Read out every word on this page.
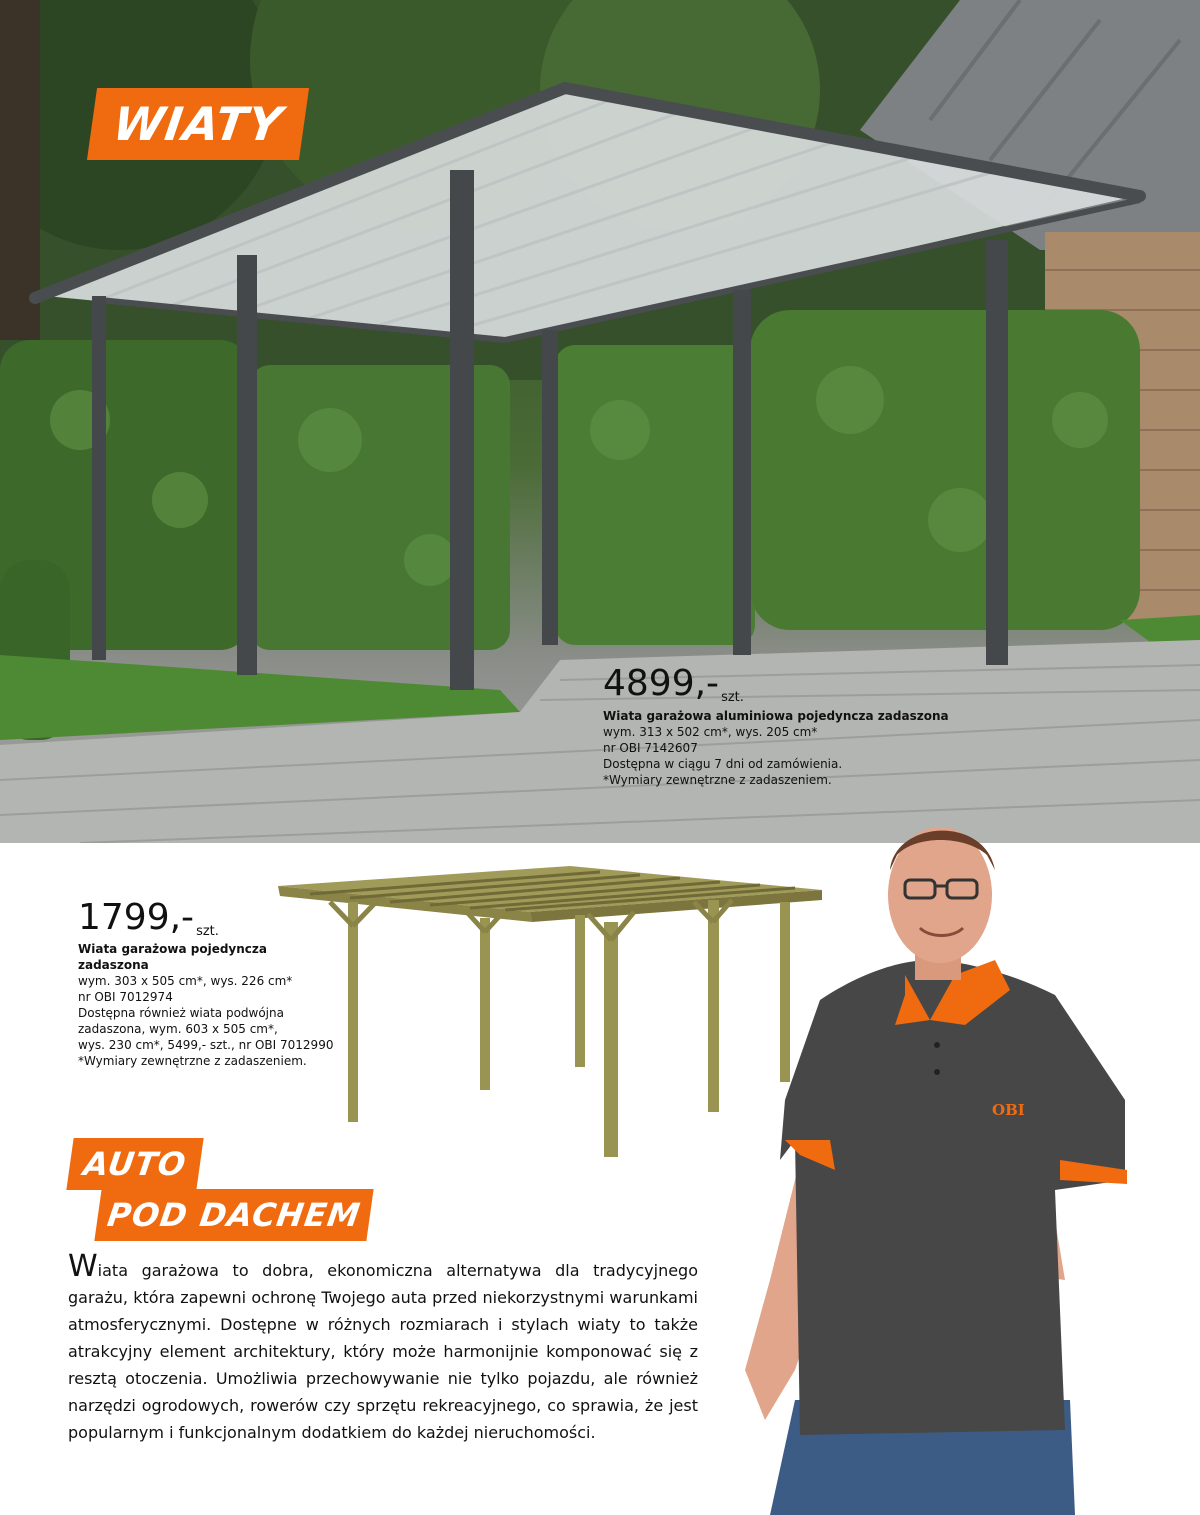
WIATY
4899,- szt.
Wiata garażowa aluminiowa pojedyncza zadaszona
wym. 313 x 502 cm*, wys. 205 cm*
nr OBI 7142607
Dostępna w ciągu 7 dni od zamówienia.
*Wymiary zewnętrzne z zadaszeniem.
1799,- szt.
Wiata garażowa pojedyncza
zadaszona
wym. 303 x 505 cm*, wys. 226 cm*
nr OBI 7012974
Dostępna również wiata podwójna
zadaszona, wym. 603 x 505 cm*,
wys. 230 cm*, 5499,- szt., nr OBI 7012990
*Wymiary zewnętrzne z zadaszeniem.
AUTO
POD DACHEM

Wiata garażowa to dobra, ekonomiczna alternatywa dla tradycyjnego garażu, która zapewni ochronę Twojego auta przed niekorzystnymi warunkami atmosferycznymi. Dostępne w różnych rozmiarach i stylach wiaty to także atrakcyjny element architektury, który może harmonijnie komponować się z resztą otoczenia. Umożliwia przechowywanie nie tylko pojazdu, ale również narzędzi ogrodowych, rowerów czy sprzętu rekreacyjnego, co sprawia, że jest popularnym i funkcjonalnym dodatkiem do każdej nieruchomości.

OBI
